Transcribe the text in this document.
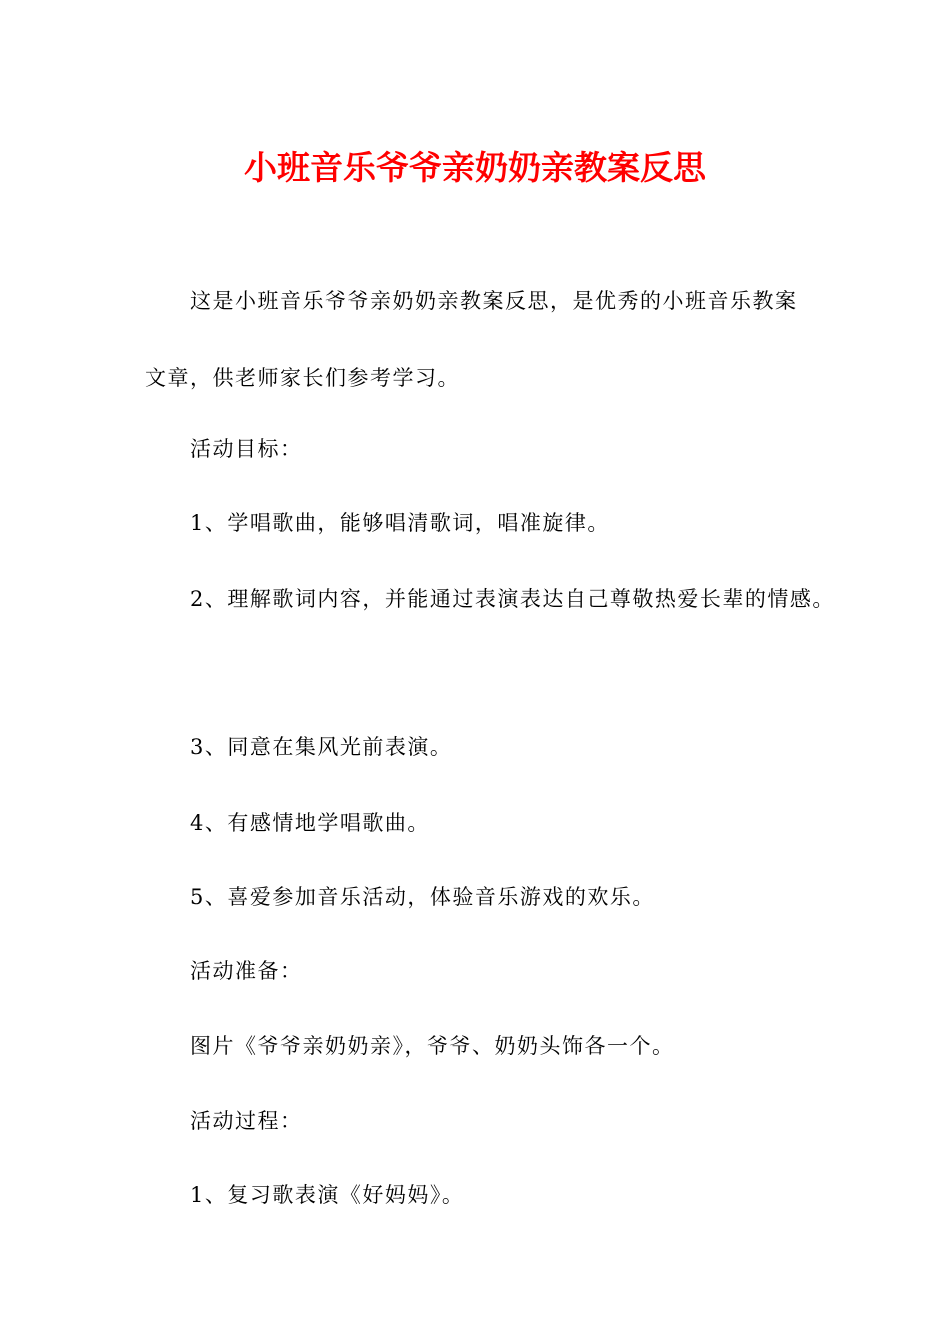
小班音乐爷爷亲奶奶亲教案反思
这是小班音乐爷爷亲奶奶亲教案反思，是优秀的小班音乐教案
文章，供老师家长们参考学习。
活动目标：
1、学唱歌曲，能够唱清歌词，唱准旋律。
2、理解歌词内容，并能通过表演表达自己尊敬热爱长辈的情感。
3、同意在集风光前表演。
4、有感情地学唱歌曲。
5、喜爱参加音乐活动，体验音乐游戏的欢乐。
活动准备：
图片《爷爷亲奶奶亲》，爷爷、奶奶头饰各一个。
活动过程：
1、复习歌表演《好妈妈》。
